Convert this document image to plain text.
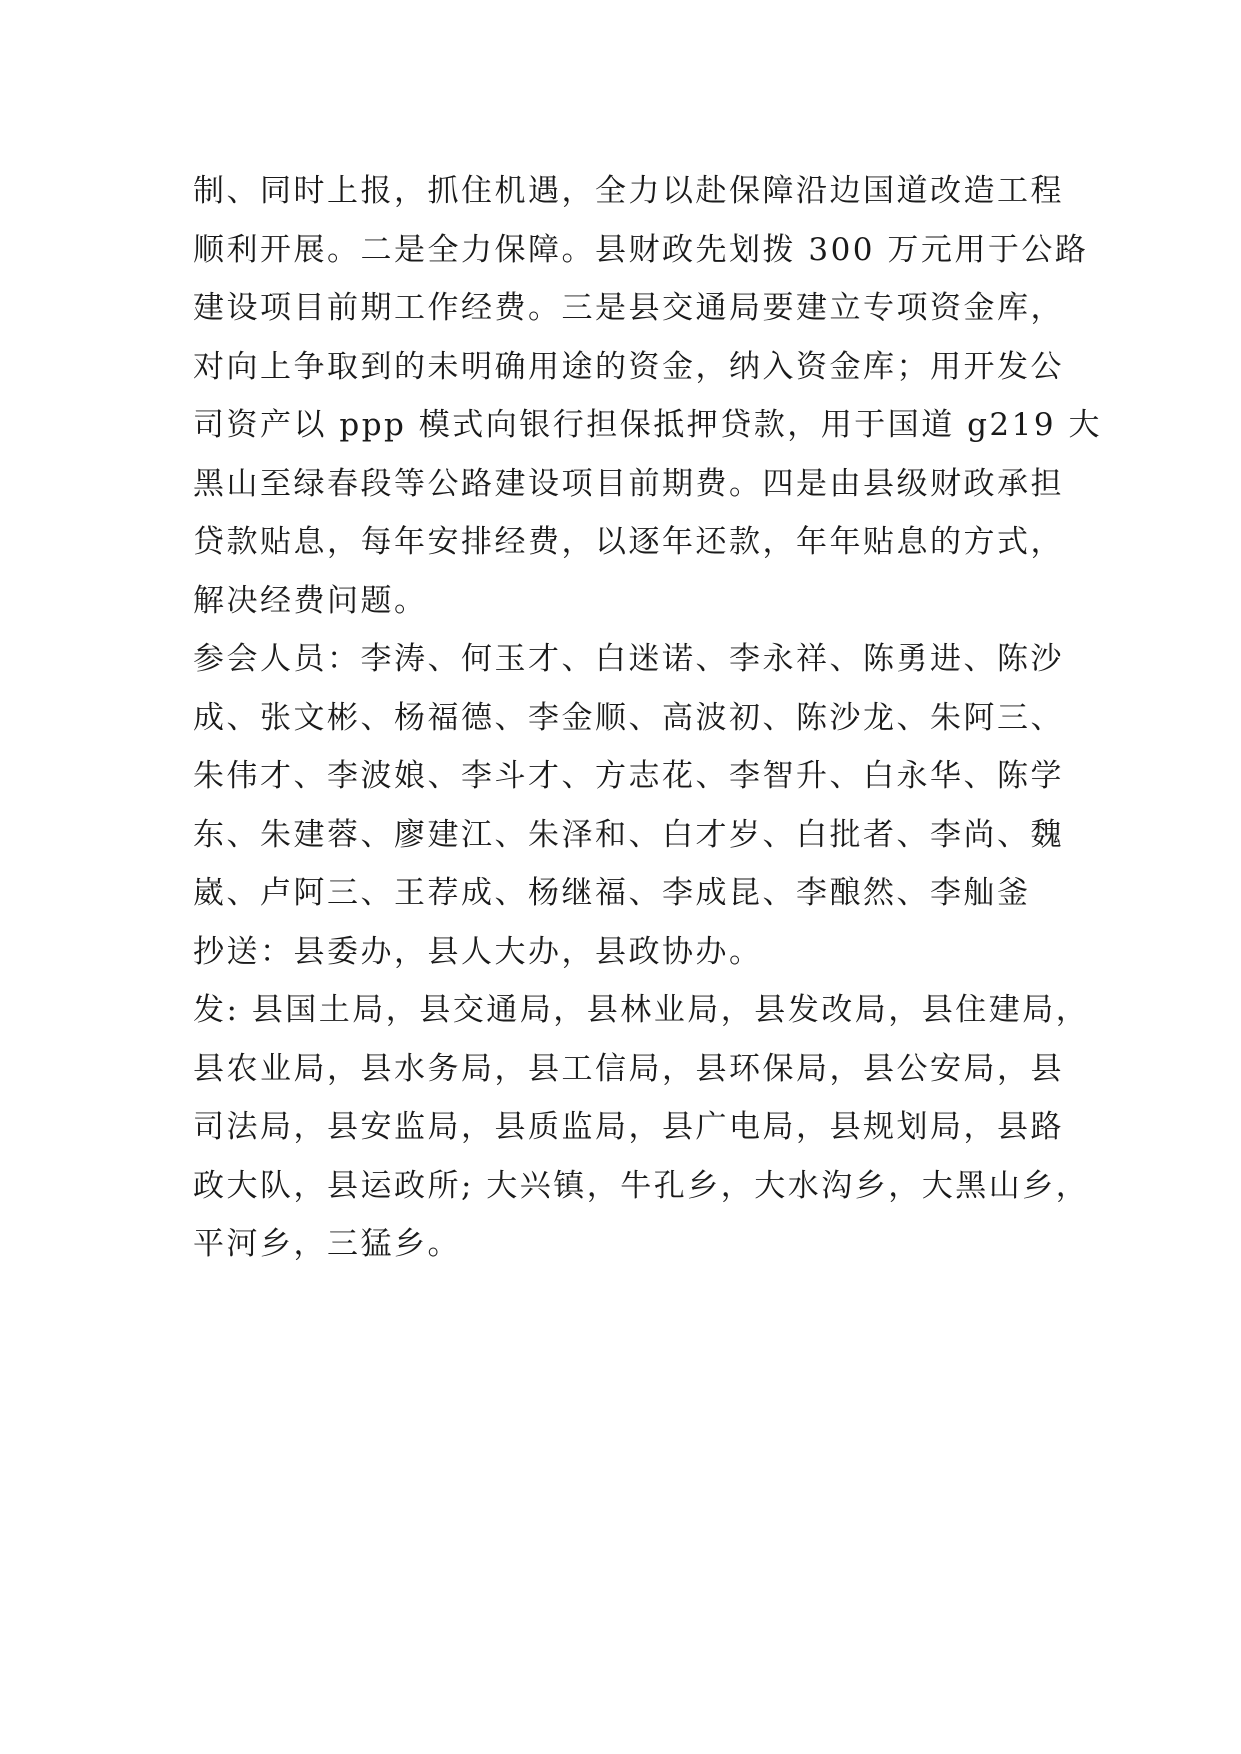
制、同时上报，抓住机遇，全力以赴保障沿边国道改造工程
顺利开展。二是全力保障。县财政先划拨 300 万元用于公路
建设项目前期工作经费。三是县交通局要建立专项资金库，
对向上争取到的未明确用途的资金，纳入资金库；用开发公
司资产以 ppp 模式向银行担保抵押贷款，用于国道 g219 大
黑山至绿春段等公路建设项目前期费。四是由县级财政承担
贷款贴息，每年安排经费，以逐年还款，年年贴息的方式，
解决经费问题。
参会人员：李涛、何玉才、白迷诺、李永祥、陈勇进、陈沙
成、张文彬、杨福德、李金顺、高波初、陈沙龙、朱阿三、
朱伟才、李波娘、李斗才、方志花、李智升、白永华、陈学
东、朱建蓉、廖建江、朱泽和、白才岁、白批者、李尚、魏
崴、卢阿三、王荐成、杨继福、李成昆、李酿然、李舢釜
抄送：县委办，县人大办，县政协办。
发: 县国土局，县交通局，县林业局，县发改局，县住建局，
县农业局，县水务局，县工信局，县环保局，县公安局，县
司法局，县安监局，县质监局，县广电局，县规划局，县路
政大队，县运政所; 大兴镇，牛孔乡，大水沟乡，大黑山乡，
平河乡，三猛乡。
